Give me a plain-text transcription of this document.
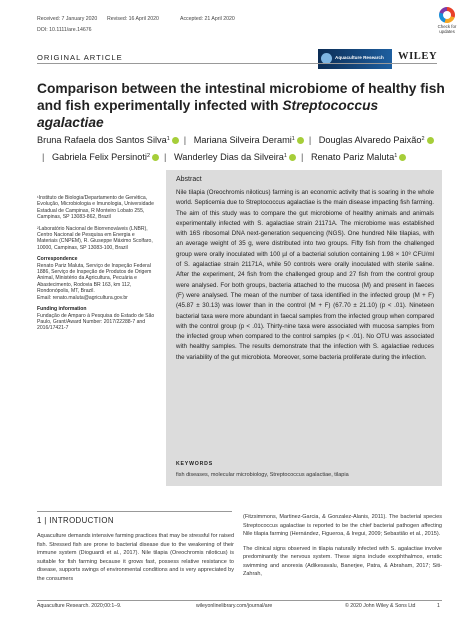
Received: 7 January 2020 Revised: 16 April 2020	Accepted: 21 April 2020
DOI: 10.1111/are.14676
Check for
updates
ORIGINAL ARTICLE	Aquaculture Research WILEY
Comparison between the intestinal microbiome of healthy fish and fish experimentally infected with Streptococcus agalactiae
Bruna Rafaela dos Santos Silva$^1$ | Mariana Silveira Derami$^1$ | Douglas Alvaredo Paixão$^2$| Gabriela Felix Persinoti$^2$ | Wanderley Dias da Silveira$^1$ | Renato Pariz Maluta$^1$

¹Instituto de Biologia/Departamento de Genética, Evolução, Microbiologia e Imunologia, Universidade Estadual de Campinas, R Monteiro Lobato 255, Campinas, SP 13083-862, Brazil

²Laboratório Nacional de Biorrenováveis (LNBR), Centro Nacional de Pesquisa em Energia e Materiais (CNPEM), R. Giuseppe Máximo Scolfaro, 10000, Campinas, SP 13083-100, Brazil

Correspondence

Renato Pariz Maluta, Serviço de Inspeção Federal 1886, Serviço de Inspeção de Produtos de Origem Animal, Ministério da Agricultura, Pecuária e Abastecimento, Rodovia BR 163, km 112, Rondonópolis, MT, Brazil.

Email: renato.maluta@agricultura.gov.br

Funding information

Fundação de Amparo à Pesquisa do Estado de São Paulo, Grant/Award Number: 2017/22288-7 and 2016/17421-7

Abstract
Nile tilapia (Oreochromis niloticus) farming is an economic activity that is soaring in the whole world. Septicemia due to Streptococcus agalactiae is the main disease impacting fish farming. The aim of this study was to compare the gut microbiome of healthy animals and animals experimentally infected with S. agalactiae strain 21171A. The microbiome was established with 16S ribosomal DNA next-generation sequencing (NGS). One hundred Nile tilapias, with an average weight of 35 g, were distributed into two groups. Fifty fish from the challenged group were orally inoculated with 100 µl of a bacterial solution containing 1.98 × 10⁸ CFU/ml of S. agalactiae strain 21171A, while 50 controls were orally inoculated with sterile saline. After the experiment, 24 fish from the challenged group and 27 fish from the control group were analysed. For both groups, bacteria attached to the mucosa (M) and present in faeces (F) were analysed. The mean of the number of taxa identified in the infected group (M + F) (45.87 ± 30.13) was lower than in the control (M + F) (67.70 ± 21.10) (p < .01). Nineteen bacterial taxa were more abundant in faecal samples from the infected group when compared with the control group (p < .01). Thirty-nine taxa were associated with mucosa samples from the infected group when compared to the control samples (p < .01). No OTU was associated with healthy samples. The results demonstrate that the infection with S. agalactiae reduces the variability of the gut microbiota. Moreover, some bacteria proliferate during the infection.
KEYWORDS
fish diseases, molecular microbiology, Streptococcus agalactiae, tilapia
1 | INTRODUCTION
Aquaculture demands intensive farming practices that may be stressful for raised fish. Stressed fish are prone to bacterial disease due to the weakening of their immune system (Dioguardi et al., 2017). Nile tilapia (Oreochromis niloticus) is suitable for fish farming because it grows fast, possess relative resistance to disease, supports swings of environmental conditions and is very appreciated by the consumers

(Fitzsimmons, Martinez-Garcia, & Gonzalez-Alanis, 2011). The bacterial species Streptococcus agalactiae is reported to be the chief bacterial pathogen affecting Nile tilapia farming (Hernández, Figueroa, & Iregui, 2009; Sebastião et al., 2015).

The clinical signs observed in tilapia naturally infected with S. agalactiae involve predominantly the nervous system. These signs include exophthalmos, erratic swimming and anorexia (Adikesavalu, Banerjee, Patra, & Abraham, 2017; Siti-Zahrah,

Aquaculture Research. 2020;00:1–9.	wileyonlinelibrary.com/journal/are	© 2020 John Wiley & Sons Ltd	1
